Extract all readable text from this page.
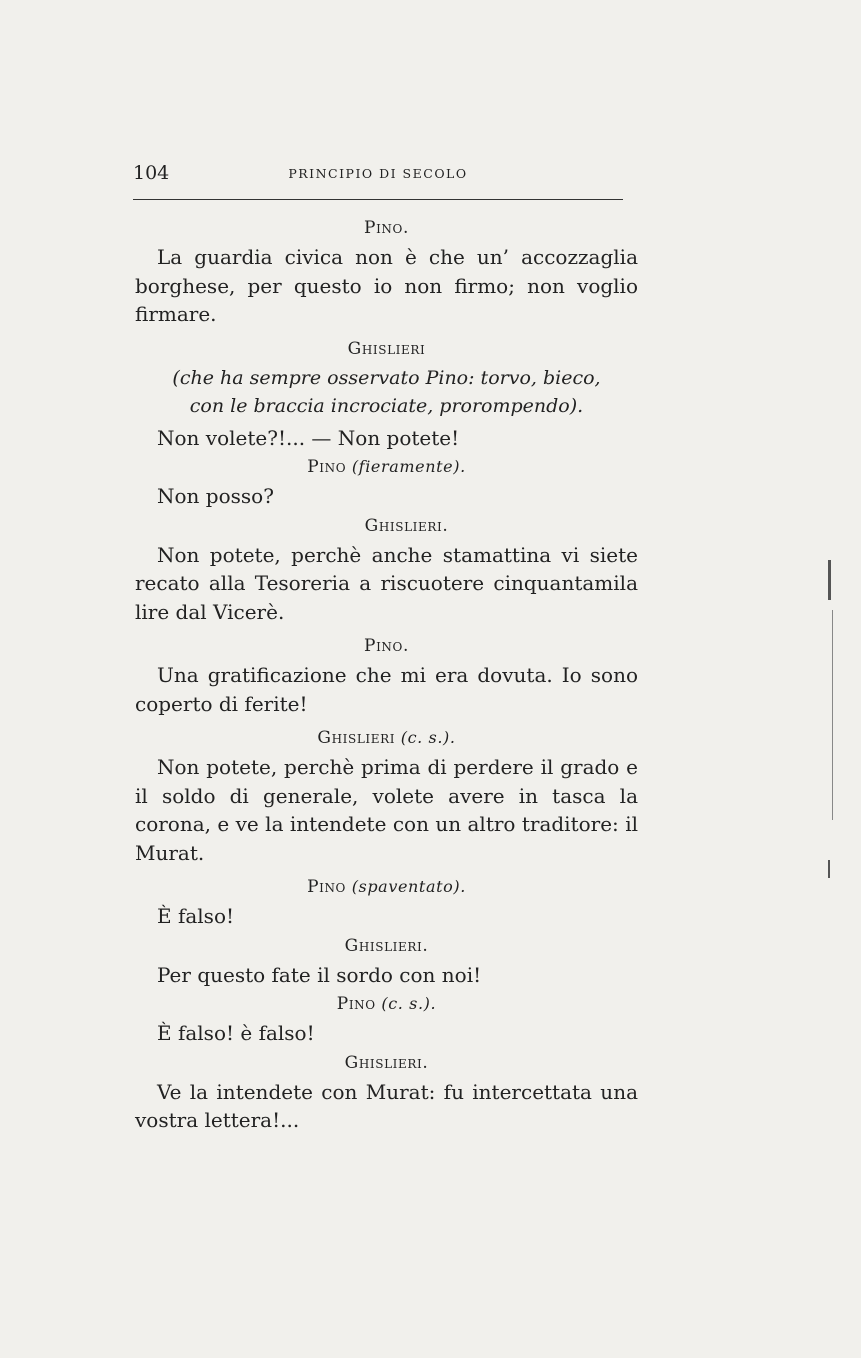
104	PRINCIPIO DI SECOLO
Pino.

La guardia civica non è che un’ accozzaglia borghese, per questo io non firmo; non voglio firmare.

Ghislieri
(che ha sempre osservato Pino: torvo, bieco,
con le braccia incrociate, prorompendo).

Non volete?!... — Non potete!

Pino (fieramente).

Non posso?

Ghislieri.

Non potete, perchè anche stamattina vi siete recato alla Tesoreria a riscuotere cinquantamila lire dal Vicerè.

Pino.

Una gratificazione che mi era dovuta. Io sono coperto di ferite!

Ghislieri (c. s.).

Non potete, perchè prima di perdere il grado e il soldo di generale, volete avere in tasca la corona, e ve la intendete con un altro traditore: il Murat.

Pino (spaventato).

È falso!

Ghislieri.

Per questo fate il sordo con noi!

Pino (c. s.).

È falso! è falso!

Ghislieri.

Ve la intendete con Murat: fu intercettata una vostra lettera!...
